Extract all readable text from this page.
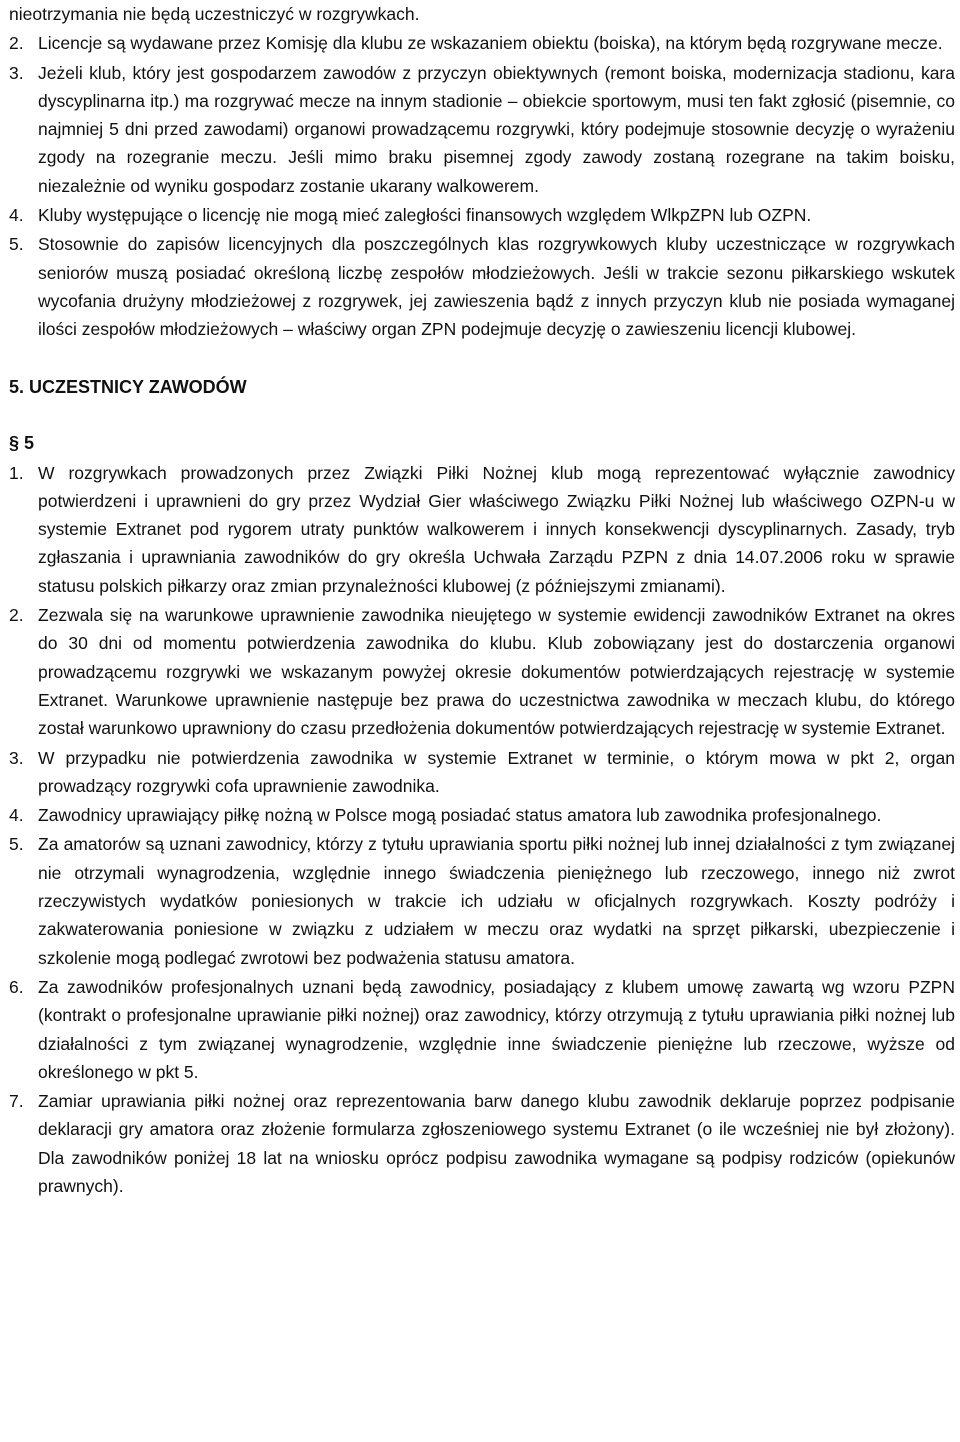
nieotrzymania nie będą uczestniczyć w rozgrywkach.
2. Licencje są wydawane przez Komisję dla klubu ze wskazaniem obiektu (boiska), na którym będą rozgrywane mecze.
3. Jeżeli klub, który jest gospodarzem zawodów z przyczyn obiektywnych (remont boiska, modernizacja stadionu, kara dyscyplinarna itp.) ma rozgrywać mecze na innym stadionie – obiekcie sportowym, musi ten fakt zgłosić (pisemnie, co najmniej 5 dni przed zawodami) organowi prowadzącemu rozgrywki, który podejmuje stosownie decyzję o wyrażeniu zgody na rozegranie meczu. Jeśli mimo braku pisemnej zgody zawody zostaną rozegrane na takim boisku, niezależnie od wyniku gospodarz zostanie ukarany walkowerem.
4. Kluby występujące o licencję nie mogą mieć zaległości finansowych względem WlkpZPN lub OZPN.
5. Stosownie do zapisów licencyjnych dla poszczególnych klas rozgrywkowych kluby uczestniczące w rozgrywkach seniorów muszą posiadać określoną liczbę zespołów młodzieżowych. Jeśli w trakcie sezonu piłkarskiego wskutek wycofania drużyny młodzieżowej z rozgrywek, jej zawieszenia bądź z innych przyczyn klub nie posiada wymaganej ilości zespołów młodzieżowych – właściwy organ ZPN podejmuje decyzję o zawieszeniu licencji klubowej.
5. UCZESTNICY ZAWODÓW
§ 5
1. W rozgrywkach prowadzonych przez Związki Piłki Nożnej klub mogą reprezentować wyłącznie zawodnicy potwierdzeni i uprawnieni do gry przez Wydział Gier właściwego Związku Piłki Nożnej lub właściwego OZPN-u w systemie Extranet pod rygorem utraty punktów walkowerem i innych konsekwencji dyscyplinarnych. Zasady, tryb zgłaszania i uprawniania zawodników do gry określa Uchwała Zarządu PZPN z dnia 14.07.2006 roku w sprawie statusu polskich piłkarzy oraz zmian przynależności klubowej (z późniejszymi zmianami).
2. Zezwala się na warunkowe uprawnienie zawodnika nieujętego w systemie ewidencji zawodników Extranet na okres do 30 dni od momentu potwierdzenia zawodnika do klubu. Klub zobowiązany jest do dostarczenia organowi prowadzącemu rozgrywki we wskazanym powyżej okresie dokumentów potwierdzających rejestrację w systemie Extranet. Warunkowe uprawnienie następuje bez prawa do uczestnictwa zawodnika w meczach klubu, do którego został warunkowo uprawniony do czasu przedłożenia dokumentów potwierdzających rejestrację w systemie Extranet.
3. W przypadku nie potwierdzenia zawodnika w systemie Extranet w terminie, o którym mowa w pkt 2, organ prowadzący rozgrywki cofa uprawnienie zawodnika.
4. Zawodnicy uprawiający piłkę nożną w Polsce mogą posiadać status amatora lub zawodnika profesjonalnego.
5. Za amatorów są uznani zawodnicy, którzy z tytułu uprawiania sportu piłki nożnej lub innej działalności z tym związanej nie otrzymali wynagrodzenia, względnie innego świadczenia pieniężnego lub rzeczowego, innego niż zwrot rzeczywistych wydatków poniesionych w trakcie ich udziału w oficjalnych rozgrywkach. Koszty podróży i zakwaterowania poniesione w związku z udziałem w meczu oraz wydatki na sprzęt piłkarski, ubezpieczenie i szkolenie mogą podlegać zwrotowi bez podważenia statusu amatora.
6. Za zawodników profesjonalnych uznani będą zawodnicy, posiadający z klubem umowę zawartą wg wzoru PZPN (kontrakt o profesjonalne uprawianie piłki nożnej) oraz zawodnicy, którzy otrzymują z tytułu uprawiania piłki nożnej lub działalności z tym związanej wynagrodzenie, względnie inne świadczenie pieniężne lub rzeczowe, wyższe od określonego w pkt 5.
7. Zamiar uprawiania piłki nożnej oraz reprezentowania barw danego klubu zawodnik deklaruje poprzez podpisanie deklaracji gry amatora oraz złożenie formularza zgłoszeniowego systemu Extranet (o ile wcześniej nie był złożony). Dla zawodników poniżej 18 lat na wniosku oprócz podpisu zawodnika wymagane są podpisy rodziców (opiekunów prawnych).
